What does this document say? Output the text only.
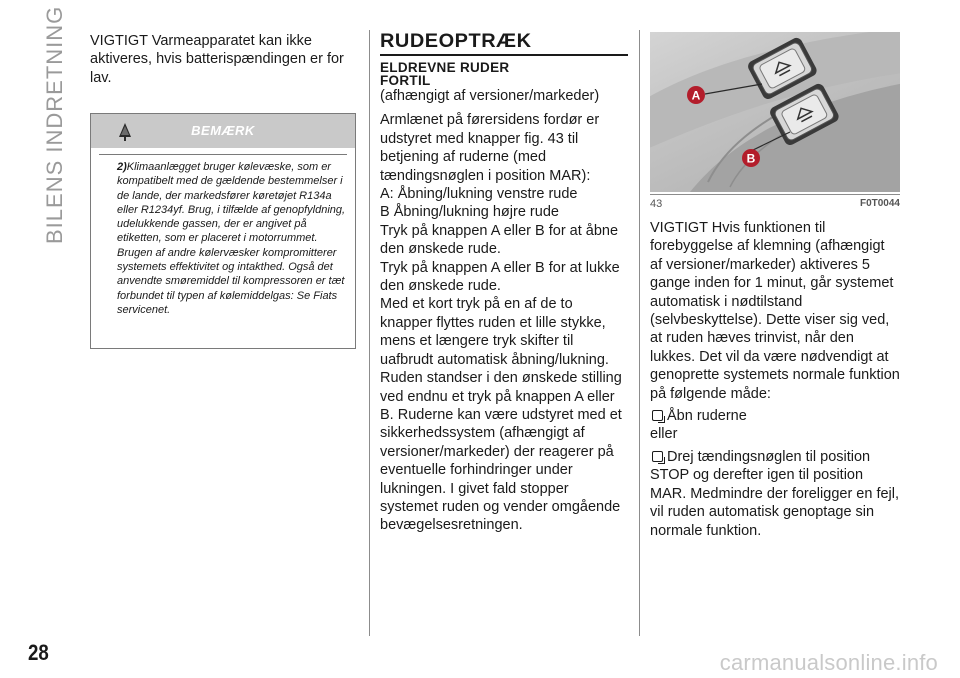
BILENS INDRETNING
28

VIGTIGT Varmeapparatet kan ikke aktiveres, hvis batterispændingen er for lav.

BEMÆRK
2)Klimaanlægget bruger kølevæske, som er kompatibelt med de gældende bestemmelser i de lande, der markedsfører køretøjet R134a eller R1234yf. Brug, i tilfælde af genopfyldning, udelukkende gassen, der er angivet på etiketten, som er placeret i motorrummet. Brugen af andre kølervæsker kompromitterer systemets effektivitet og intakthed. Også det anvendte smøremiddel til kompressoren er tæt forbundet til typen af kølemiddelgas: Se Fiats servicenet.
RUDEOPTRÆK
ELDREVNE RUDER
FORTIL

(afhængigt af versioner/markeder)

Armlænet på førersidens fordør er udstyret med knapper fig. 43 til betjening af ruderne (med tændingsnøglen i position MAR):

A: Åbning/lukning venstre rude

B Åbning/lukning højre rude

Tryk på knappen A eller B for at åbne den ønskede rude.

Tryk på knappen A eller B for at lukke den ønskede rude.

Med et kort tryk på en af de to knapper flyttes ruden et lille stykke, mens et længere tryk skifter til uafbrudt automatisk åbning/lukning. Ruden standser i den ønskede stilling ved endnu et tryk på knappen A eller B. Ruderne kan være udstyret med et sikkerhedssystem (afhængigt af versioner/markeder) der reagerer på eventuelle forhindringer under lukningen. I givet fald stopper systemet ruden og vender omgående bevægelsesretningen.

A
B
43	F0T0044

VIGTIGT Hvis funktionen til forebyggelse af klemning (afhængigt af versioner/markeder) aktiveres 5 gange inden for 1 minut, går systemet automatisk i nødtilstand (selvbeskyttelse). Dette viser sig ved, at ruden hæves trinvist, når den lukkes. Det vil da være nødvendigt at genoprette systemets normale funktion på følgende måde:

Åbn ruderne

eller

Drej tændingsnøglen til position STOP og derefter igen til position MAR. Medmindre der foreligger en fejl, vil ruden automatisk genoptage sin normale funktion.

carmanualsonline.info
